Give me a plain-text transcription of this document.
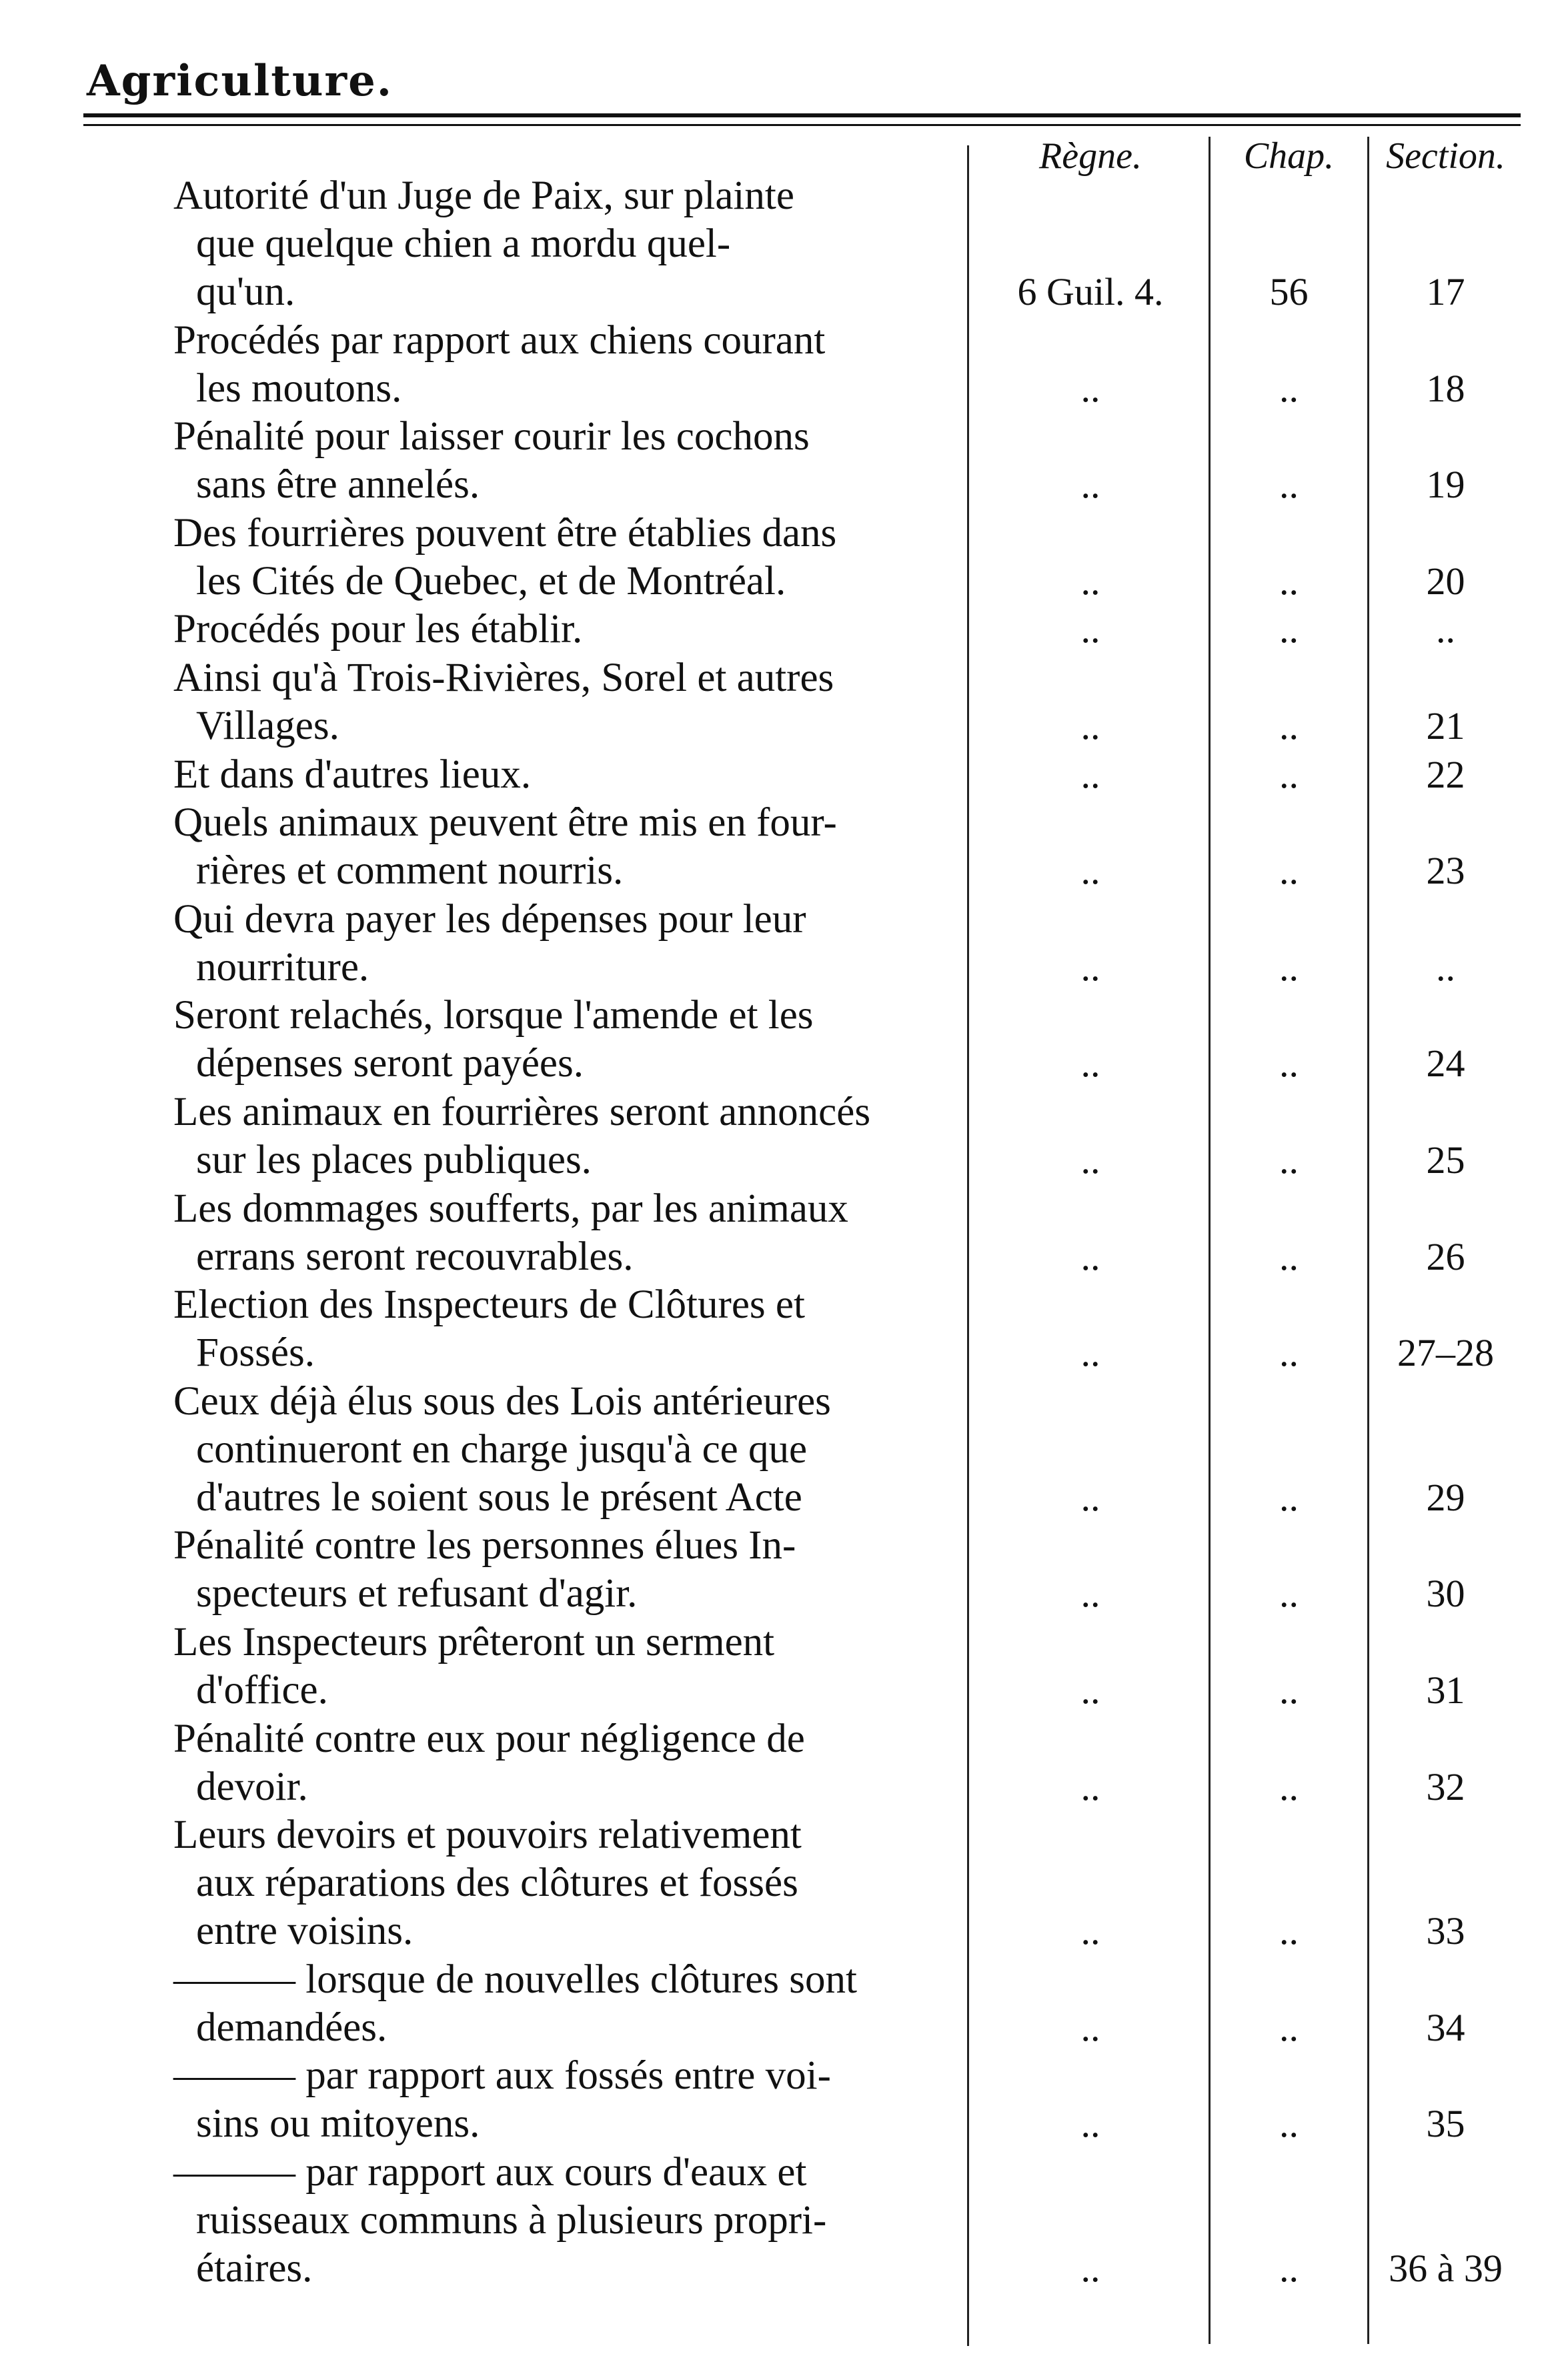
Agriculture.
Règne.	Chap.	Section.
Autorité d'un Juge de Paix, sur plainte
que quelque chien a mordu quel-
qu'un.	6 Guil. 4.	56	17
Procédés par rapport aux chiens courant
les moutons.	..	..	18
Pénalité pour laisser courir les cochons
sans être annelés.	..	..	19
Des fourrières pouvent être établies dans
les Cités de Quebec, et de Montréal.	..	..	20
Procédés pour les établir.	..	..	..
Ainsi qu'à Trois-Rivières, Sorel et autres
Villages.	..	..	21
Et dans d'autres lieux.	..	..	22
Quels animaux peuvent être mis en four-
rières et comment nourris.	..	..	23
Qui devra payer les dépenses pour leur
nourriture.	..	..	..
Seront relachés, lorsque l'amende et les
dépenses seront payées.	..	..	24
Les animaux en fourrières seront annoncés
sur les places publiques.	..	..	25
Les dommages soufferts, par les animaux
errans seront recouvrables.	..	..	26
Election des Inspecteurs de Clôtures et
Fossés.	..	..	27–28
Ceux déjà élus sous des Lois antérieures
continueront en charge jusqu'à ce que
d'autres le soient sous le présent Acte	..	..	29
Pénalité contre les personnes élues In-
specteurs et refusant d'agir.	..	..	30
Les Inspecteurs prêteront un serment
d'office.	..	..	31
Pénalité contre eux pour négligence de
devoir.	..	..	32
Leurs devoirs et pouvoirs relativement
aux réparations des clôtures et fossés
entre voisins.	..	..	33
——— lorsque de nouvelles clôtures sont
demandées.	..	..	34
——— par rapport aux fossés entre voi-
sins ou mitoyens.	..	..	35
——— par rapport aux cours d'eaux et
ruisseaux communs à plusieurs propri-
étaires.	..	..	36 à 39
